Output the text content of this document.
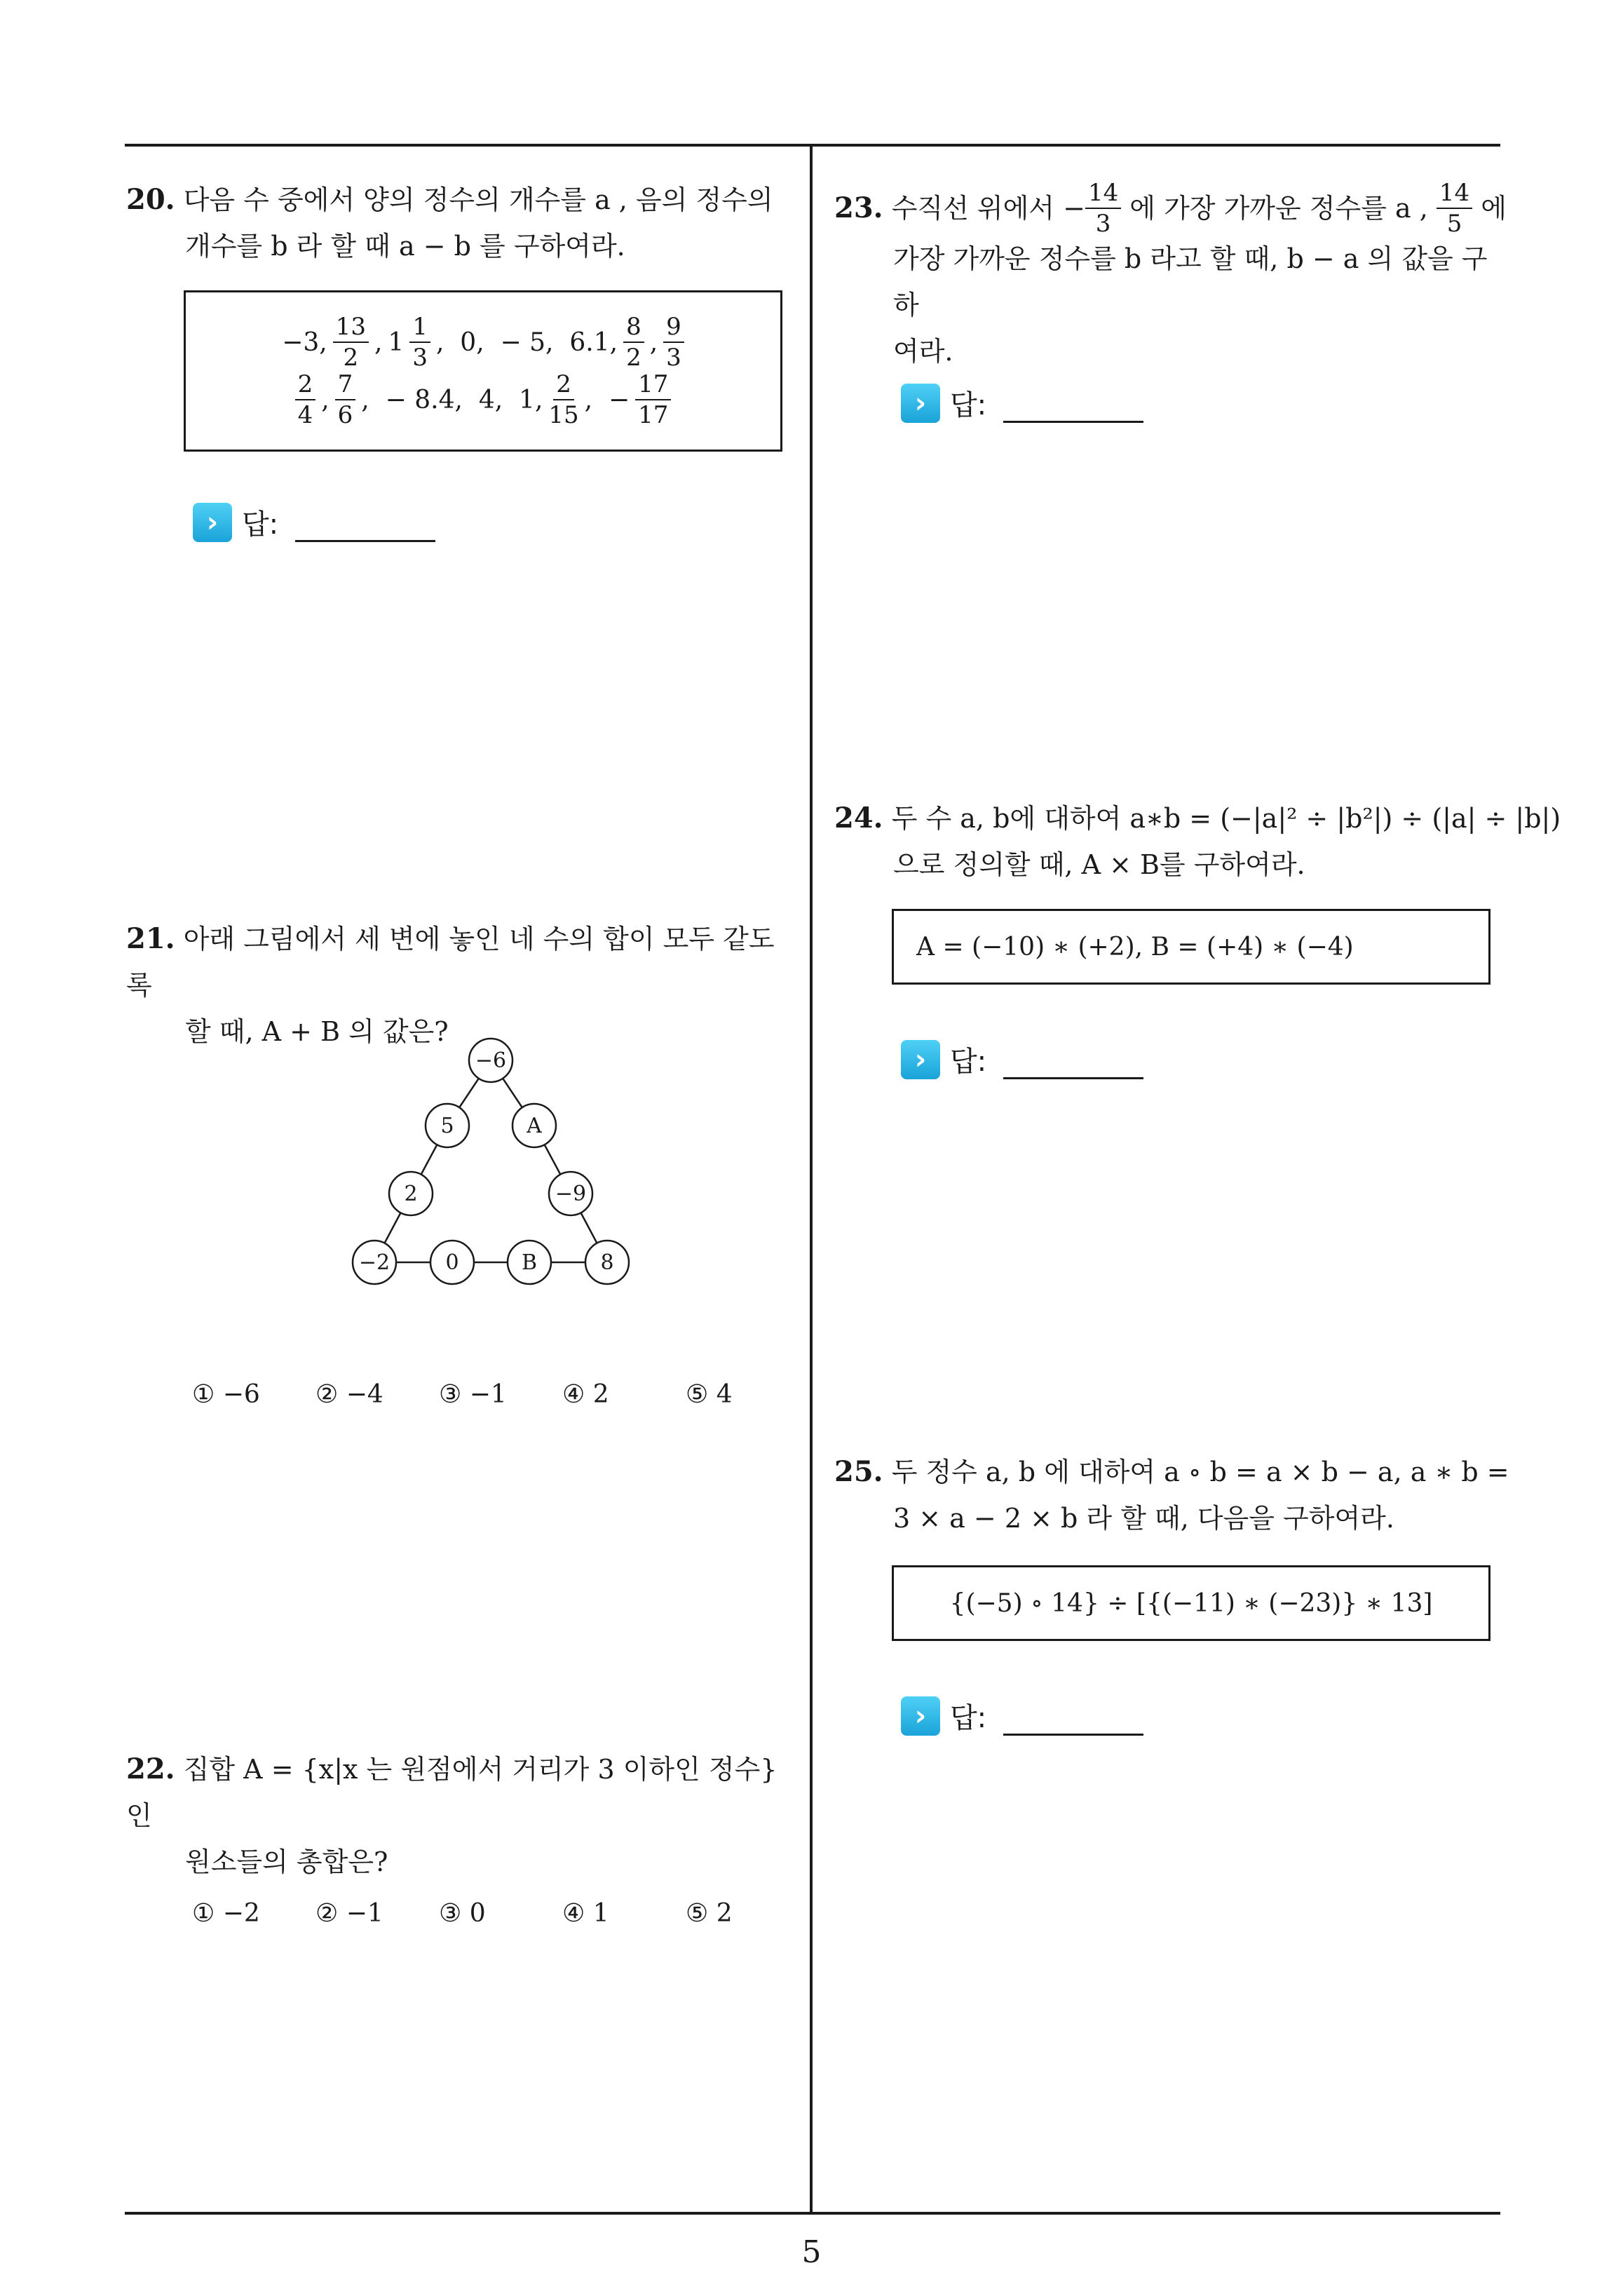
20. 다음 수 중에서 양의 정수의 개수를 a , 음의 정수의
개수를 b 라 할 때 a − b 를 구하여라.
−3, $\frac{13}{2}$ , $1 \frac{1}{3}$ ,  0,  − 5,  6.1, $\frac{8}{2}$ , $\frac{9}{3}$
$\frac{2}{4}$ , $\frac{7}{6}$ ,  − 8.4,  4,  1, $\frac{2}{15}$ ,  − $\frac{17}{17}$
› 답:
21. 아래 그림에서 세 변에 놓인 네 수의 합이 모두 같도록
할 때, A + B 의 값은?
−6
5	A
2	−9
−2	0	B	8
① −6	② −4	③ −1	④ 2	⑤ 4
22. 집합 A = {x|x 는 원점에서 거리가 3 이하인 정수} 인
원소들의 총합은?
① −2	② −1	③ 0	④ 1	⑤ 2
23.
수직선 위에서 − $\frac{14}{3}$
에 가장 가까운 정수를 a ,
$\frac{14}{5}$
에
가장 가까운 정수를 b 라고 할 때, b − a 의 값을 구하
여라.
› 답:
24. 두 수 a, b에 대하여 a∗b = (−|a|² ÷ |b²|) ÷ (|a| ÷ |b|)
으로 정의할 때, A × B를 구하여라.
A = (−10) ∗ (+2), B = (+4) ∗ (−4)
› 답:
25. 두 정수 a, b 에 대하여 a ∘ b = a × b − a, a ∗ b =
3 × a − 2 × b 라 할 때, 다음을 구하여라.
{(−5) ∘ 14} ÷ [{(−11) ∗ (−23)} ∗ 13]
› 답:
5
